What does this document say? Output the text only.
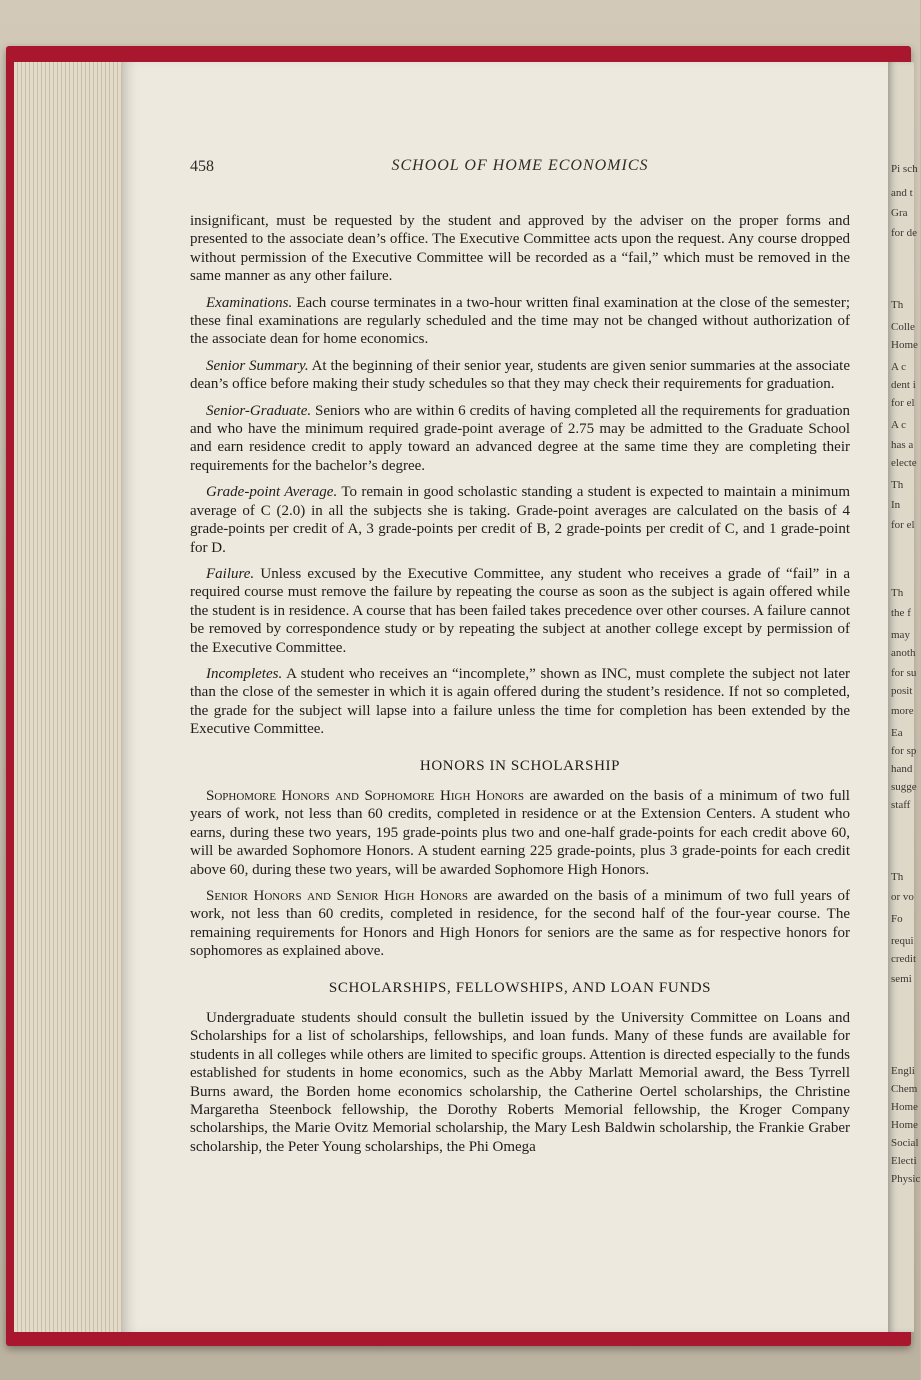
Pi sch
and t
Gra
for de
Th
Colle
Home
A c
dent i
for el
A c
has a
electe
Th
In
for el
Th
the f
may
anoth
for su
posit
more
Ea
for sp
hand
sugge
staff
Th
or vo
Fo
requi
credit
semi
Engli
Chem
Home
Home
Social
Electi
Physic
458	SCHOOL OF HOME ECONOMICS

insignificant, must be requested by the student and approved by the adviser on the proper forms and presented to the associate dean’s office. The Executive Committee acts upon the request. Any course dropped without permission of the Executive Committee will be recorded as a “fail,” which must be removed in the same manner as any other failure.

Examinations. Each course terminates in a two-hour written final examination at the close of the semester; these final examinations are regularly scheduled and the time may not be changed without authorization of the associate dean for home economics.

Senior Summary. At the beginning of their senior year, students are given senior summaries at the associate dean’s office before making their study schedules so that they may check their requirements for graduation.

Senior-Graduate. Seniors who are within 6 credits of having completed all the requirements for graduation and who have the minimum required grade-point average of 2.75 may be admitted to the Graduate School and earn residence credit to apply toward an advanced degree at the same time they are completing their requirements for the bachelor’s degree.

Grade-point Average. To remain in good scholastic standing a student is expected to maintain a minimum average of C (2.0) in all the subjects she is taking. Grade-point averages are calculated on the basis of 4 grade-points per credit of A, 3 grade-points per credit of B, 2 grade-points per credit of C, and 1 grade-point for D.

Failure. Unless excused by the Executive Committee, any student who receives a grade of “fail” in a required course must remove the failure by repeating the course as soon as the subject is again offered while the student is in residence. A course that has been failed takes precedence over other courses. A failure cannot be removed by correspondence study or by repeating the subject at another college except by permission of the Executive Committee.

Incompletes. A student who receives an “incomplete,” shown as INC, must complete the subject not later than the close of the semester in which it is again offered during the student’s residence. If not so completed, the grade for the subject will lapse into a failure unless the time for completion has been extended by the Executive Committee.

HONORS IN SCHOLARSHIP

Sophomore Honors and Sophomore High Honors are awarded on the basis of a minimum of two full years of work, not less than 60 credits, completed in residence or at the Extension Centers. A student who earns, during these two years, 195 grade-points plus two and one-half grade-points for each credit above 60, will be awarded Sophomore Honors. A student earning 225 grade-points, plus 3 grade-points for each credit above 60, during these two years, will be awarded Sophomore High Honors.

Senior Honors and Senior High Honors are awarded on the basis of a minimum of two full years of work, not less than 60 credits, completed in residence, for the second half of the four-year course. The remaining requirements for Honors and High Honors for seniors are the same as for respective honors for sophomores as explained above.

SCHOLARSHIPS, FELLOWSHIPS, AND LOAN FUNDS

Undergraduate students should consult the bulletin issued by the University Committee on Loans and Scholarships for a list of scholarships, fellowships, and loan funds. Many of these funds are available for students in all colleges while others are limited to specific groups. Attention is directed especially to the funds established for students in home economics, such as the Abby Marlatt Memorial award, the Bess Tyrrell Burns award, the Borden home economics scholarship, the Catherine Oertel scholarships, the Christine Margaretha Steenbock fellowship, the Dorothy Roberts Memorial fellowship, the Kroger Company scholarships, the Marie Ovitz Memorial scholarship, the Mary Lesh Baldwin scholarship, the Frankie Graber scholarship, the Peter Young scholarships, the Phi Omega
